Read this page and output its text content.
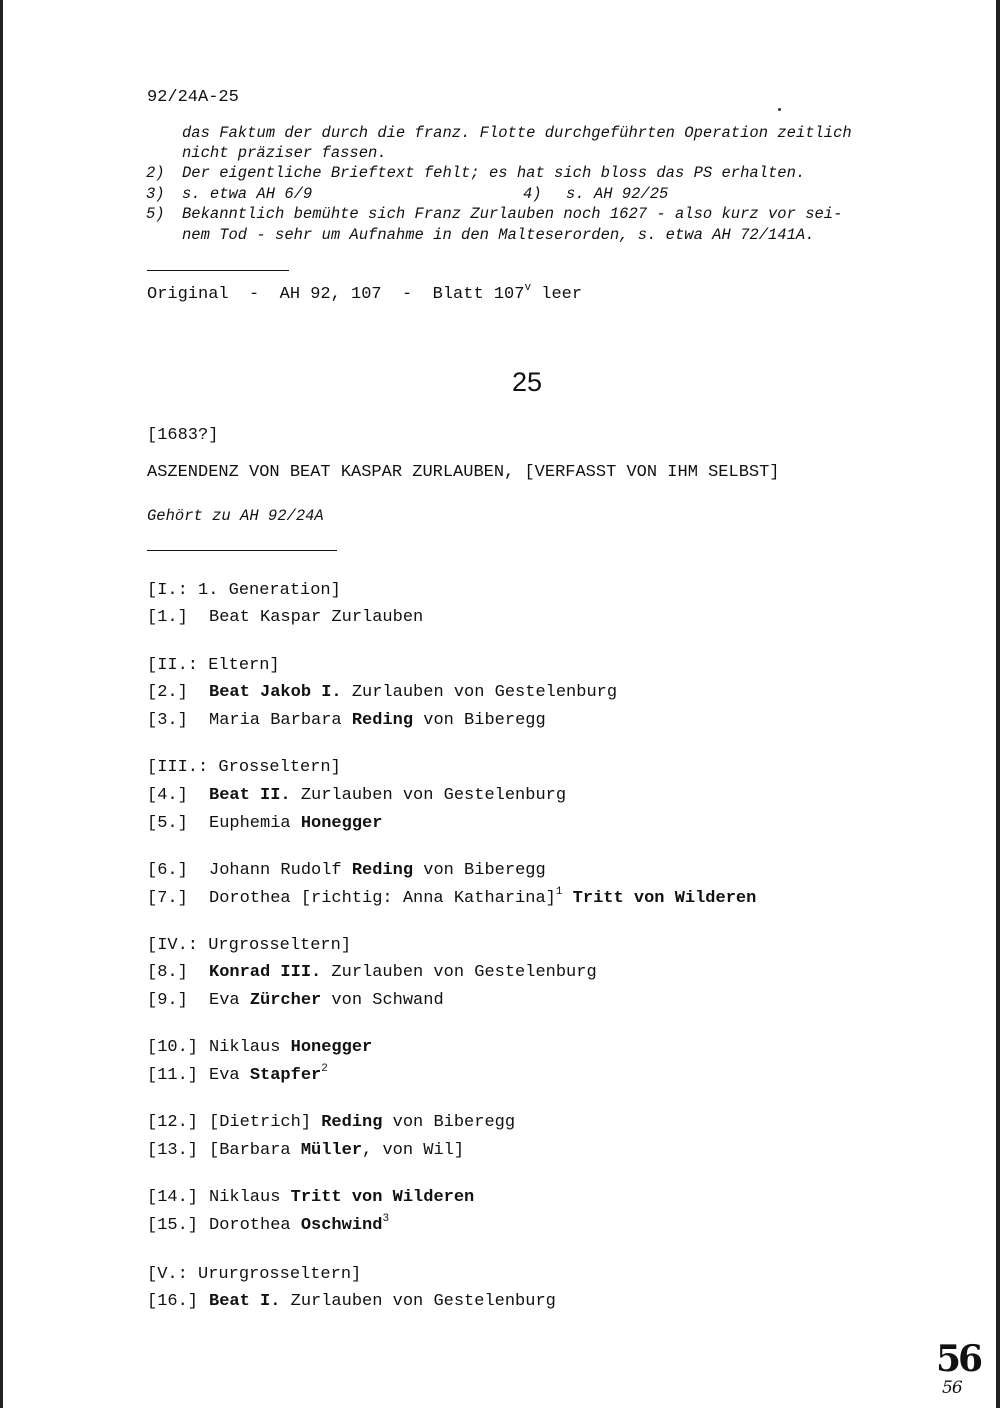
92/24A-25
das Faktum der durch die franz. Flotte durchgeführten Operation zeitlich
nicht präziser fassen.
2) Der eigentliche Brieftext fehlt; es hat sich bloss das PS erhalten.
3) s. etwa AH 6/9	4) s. AH 92/25
5) Bekanntlich bemühte sich Franz Zurlauben noch 1627 - also kurz vor sei-
nem Tod - sehr um Aufnahme in den Malteserorden, s. etwa AH 72/141A.
Original  -  AH 92, 107  -  Blatt 107$^v$ leer
25
[1683?]
ASZENDENZ VON BEAT KASPAR ZURLAUBEN, [VERFASST VON IHM SELBST]
Gehört zu AH 92/24A
[I.: 1. Generation]
[1.] Beat Kaspar Zurlauben
[II.: Eltern]
[2.] Beat Jakob I. Zurlauben von Gestelenburg
[3.] Maria Barbara Reding von Biberegg
[III.: Grosseltern]
[4.] Beat II. Zurlauben von Gestelenburg
[5.] Euphemia Honegger
[6.] Johann Rudolf Reding von Biberegg
[7.] Dorothea [richtig: Anna Katharina]$^1$ Tritt von Wilderen
[IV.: Urgrosseltern]
[8.] Konrad III. Zurlauben von Gestelenburg
[9.] Eva Zürcher von Schwand
[10.] Niklaus Honegger
[11.] Eva Stapfer$^2$
[12.] [Dietrich] Reding von Biberegg
[13.] [Barbara Müller, von Wil]
[14.] Niklaus Tritt von Wilderen
[15.] Dorothea Oschwind$^3$
[V.: Ururgrosseltern]
[16.] Beat I. Zurlauben von Gestelenburg
56
56
